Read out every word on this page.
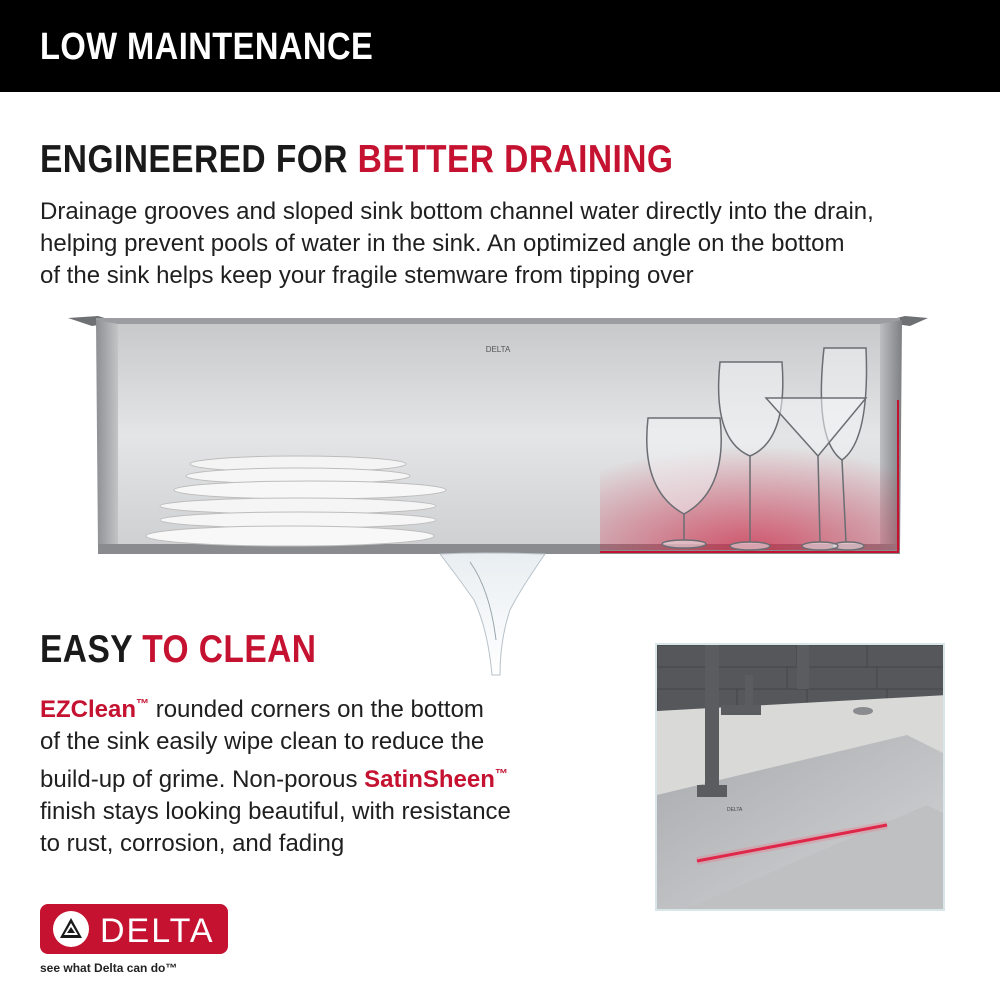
LOW MAINTENANCE
ENGINEERED FOR BETTER DRAINING
Drainage grooves and sloped sink bottom channel water directly into the drain,
helping prevent pools of water in the sink. An optimized angle on the bottom
of the sink helps keep your fragile stemware from tipping over
DELTA
EASY TO CLEAN
EZClean™ rounded corners on the bottom
of the sink easily wipe clean to reduce the
build-up of grime. Non-porous SatinSheen™
finish stays looking beautiful, with resistance
to rust, corrosion, and fading
DELTA
DELTA
see what Delta can do™
